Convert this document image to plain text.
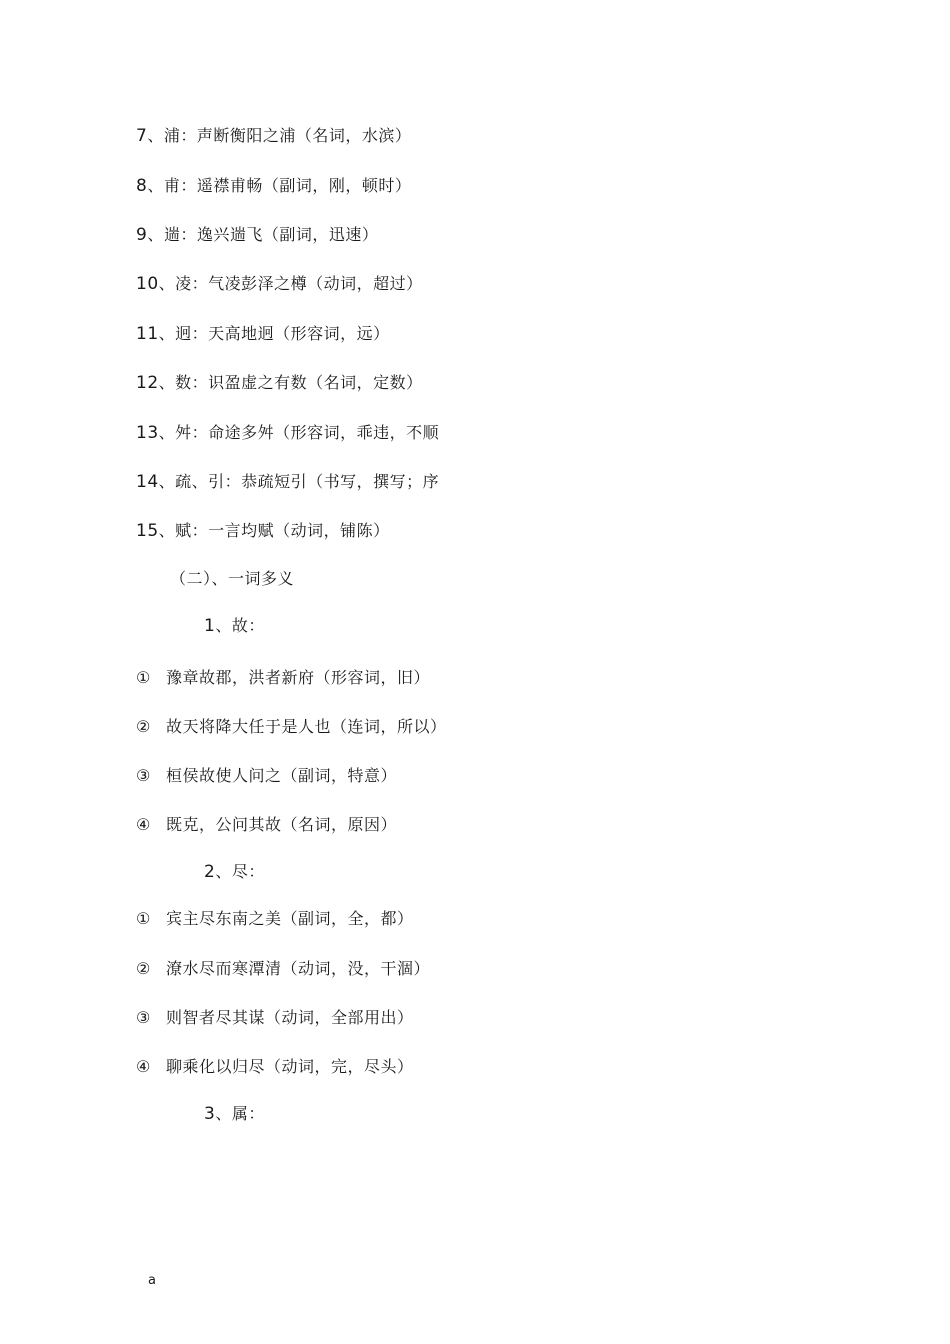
7、浦：声断衡阳之浦（名词，水滨）
8、甫：遥襟甫畅（副词，刚，顿时）
9、遄：逸兴遄飞（副词，迅速）
10、凌：气凌彭泽之樽（动词，超过）
11、迥：天高地迥（形容词，远）
12、数：识盈虚之有数（名词，定数）
13、舛：命途多舛（形容词，乖违，不顺
14、疏、引：恭疏短引（书写，撰写；序
15、赋：一言均赋（动词，铺陈）
（二）、一词多义
1、故：
① 豫章故郡，洪者新府（形容词，旧）
② 故天将降大任于是人也（连词，所以）
③ 桓侯故使人问之（副词，特意）
④ 既克，公问其故（名词，原因）
2、尽：
① 宾主尽东南之美（副词，全，都）
② 潦水尽而寒潭清（动词，没，干涸）
③ 则智者尽其谋（动词，全部用出）
④ 聊乘化以归尽（动词，完，尽头）
3、属：
a
